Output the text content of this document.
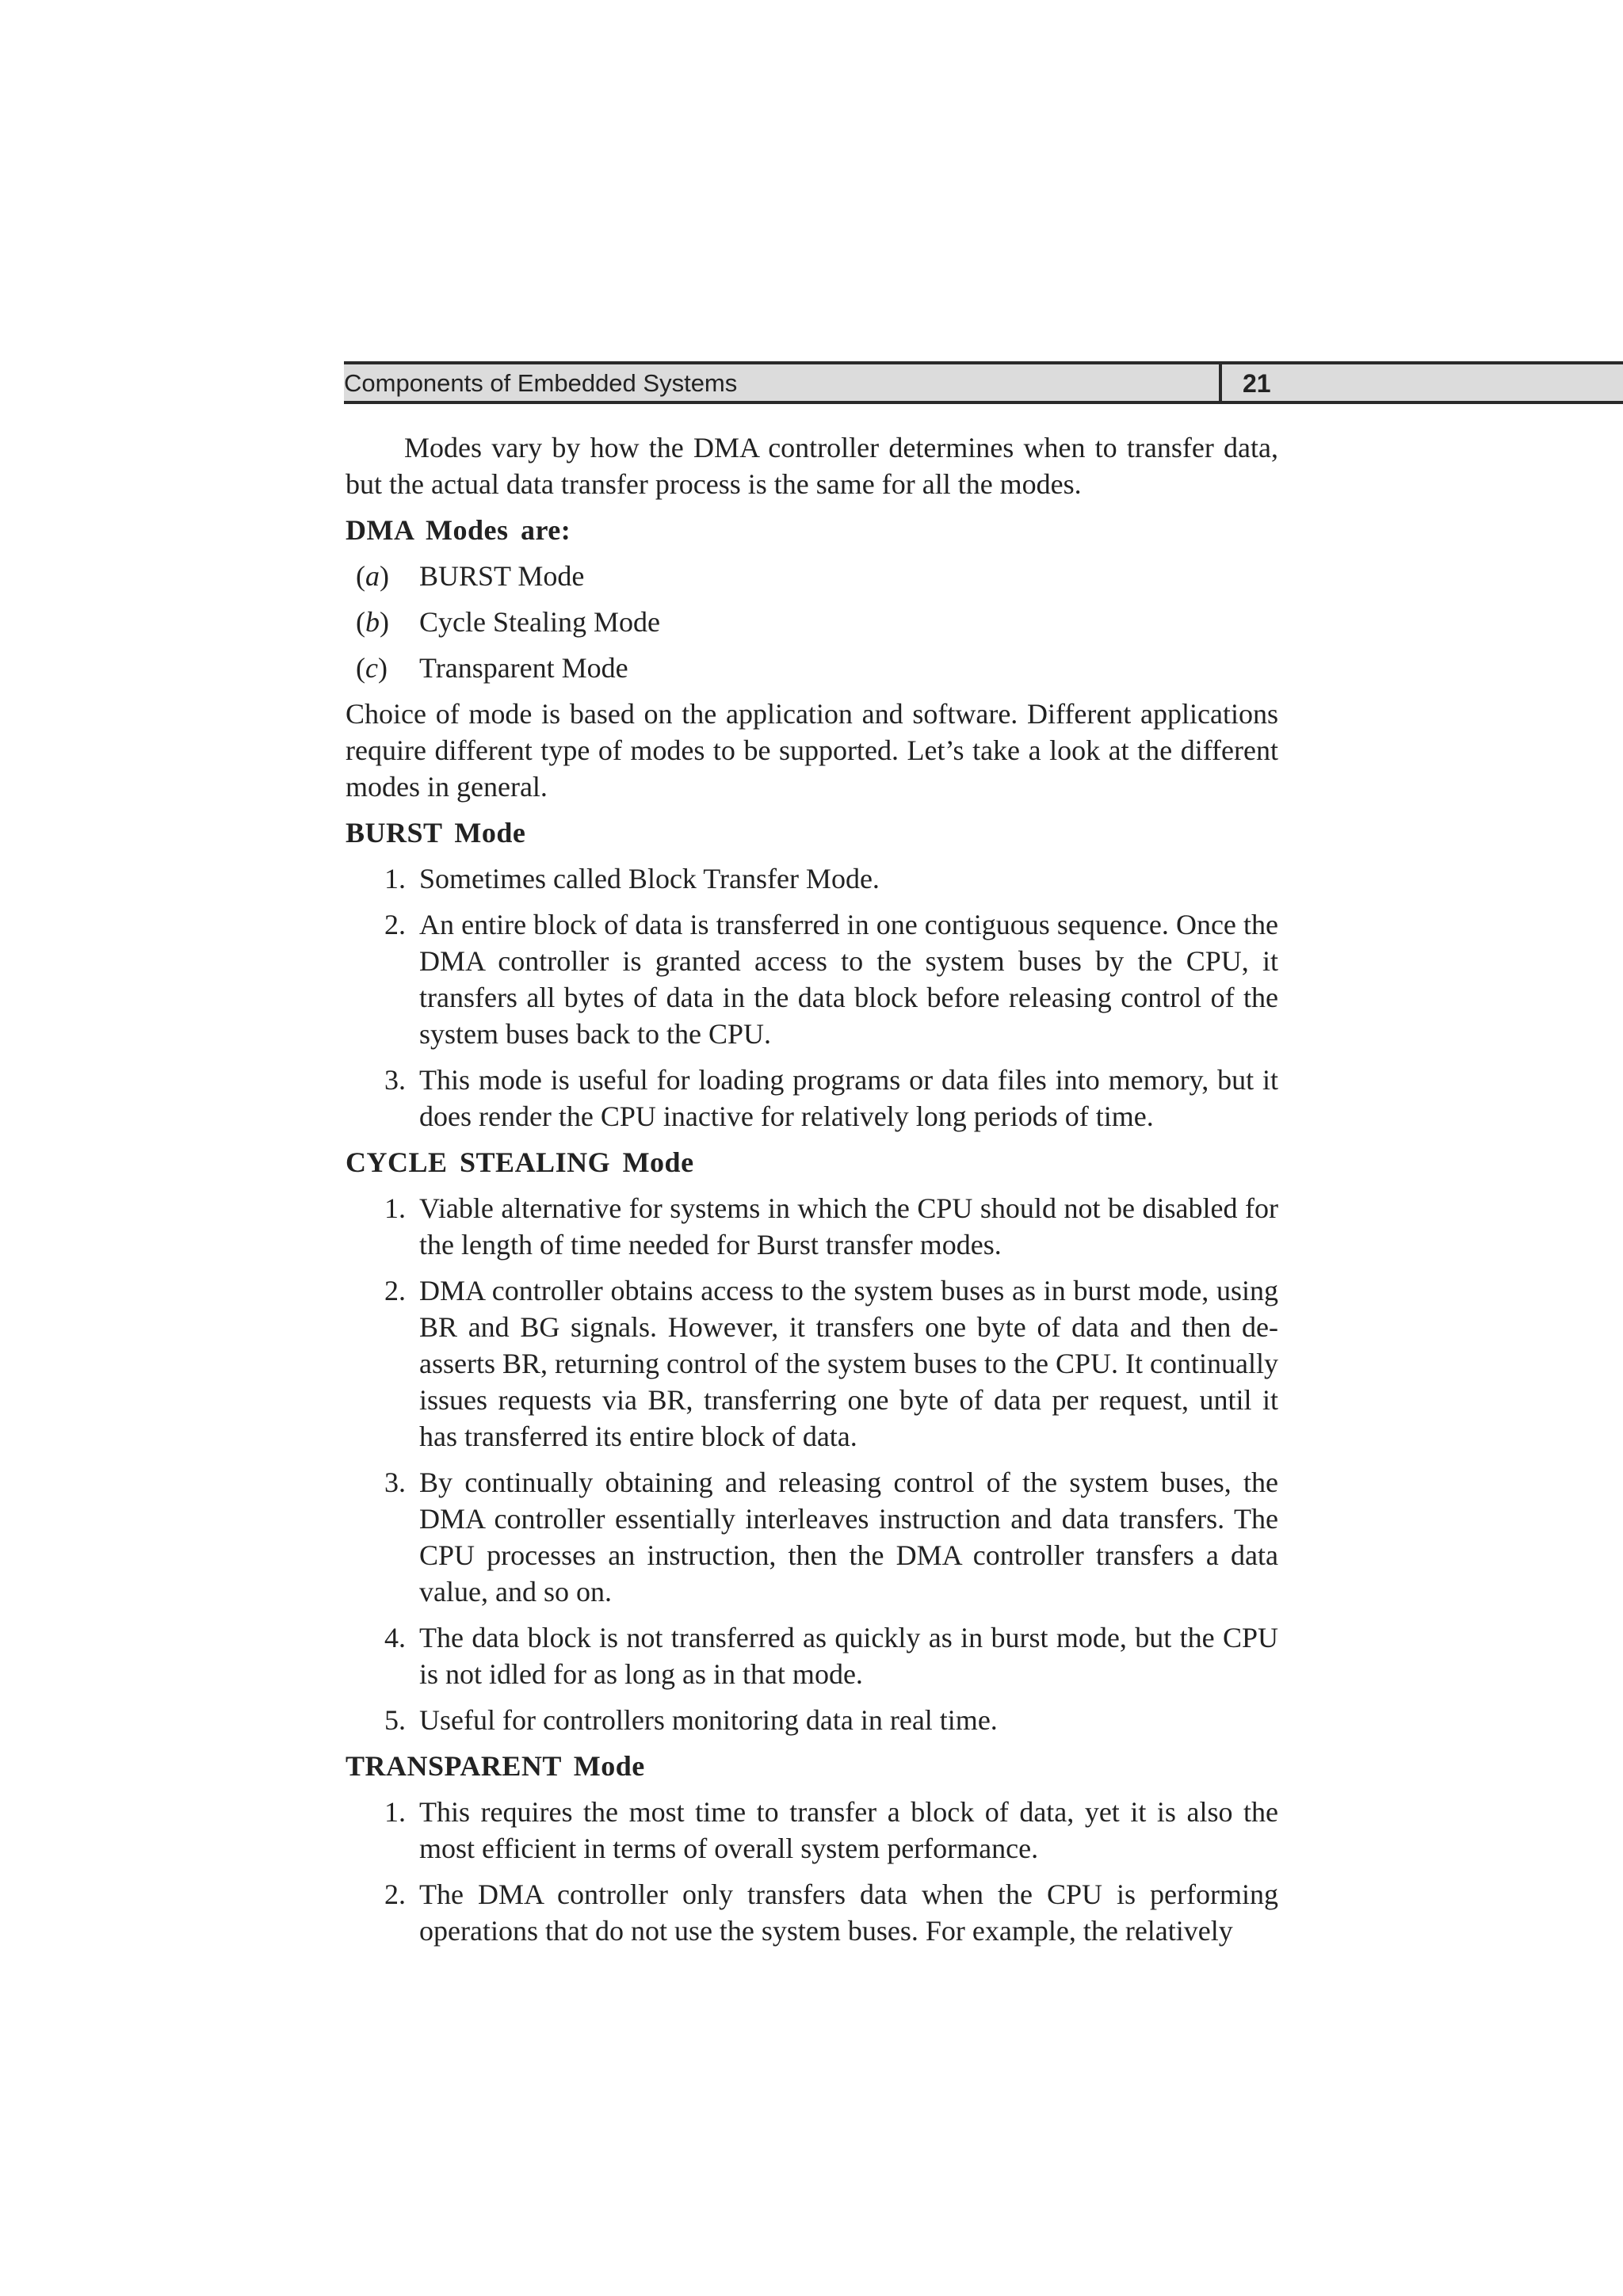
Components of Embedded Systems	21

Modes vary by how the DMA controller determines when to transfer data, but the actual data transfer process is the same for all the modes.

DMA Modes are:
(a)	BURST Mode
(b)	Cycle Stealing Mode
(c)	Transparent Mode

Choice of mode is based on the application and software. Different applications require different type of modes to be supported. Let’s take a look at the different modes in general.

BURST Mode
1. Sometimes called Block Transfer Mode.
2. An entire block of data is transferred in one contiguous sequence. Once the DMA controller is granted access to the system buses by the CPU, it transfers all bytes of data in the data block before releasing control of the system buses back to the CPU.
3. This mode is useful for loading programs or data files into memory, but it does render the CPU inactive for relatively long periods of time.
CYCLE STEALING Mode
1. Viable alternative for systems in which the CPU should not be disabled for the length of time needed for Burst transfer modes.
2. DMA controller obtains access to the system buses as in burst mode, using BR and BG signals. However, it transfers one byte of data and then de-asserts BR, returning control of the system buses to the CPU. It continually issues requests via BR, transferring one byte of data per request, until it has transferred its entire block of data.
3. By continually obtaining and releasing control of the system buses, the DMA controller essentially interleaves instruction and data transfers. The CPU processes an instruction, then the DMA controller transfers a data value, and so on.
4. The data block is not transferred as quickly as in burst mode, but the CPU is not idled for as long as in that mode.
5. Useful for controllers monitoring data in real time.
TRANSPARENT Mode
1. This requires the most time to transfer a block of data, yet it is also the most efficient in terms of overall system performance.
2. The DMA controller only transfers data when the CPU is performing operations that do not use the system buses. For example, the relatively
